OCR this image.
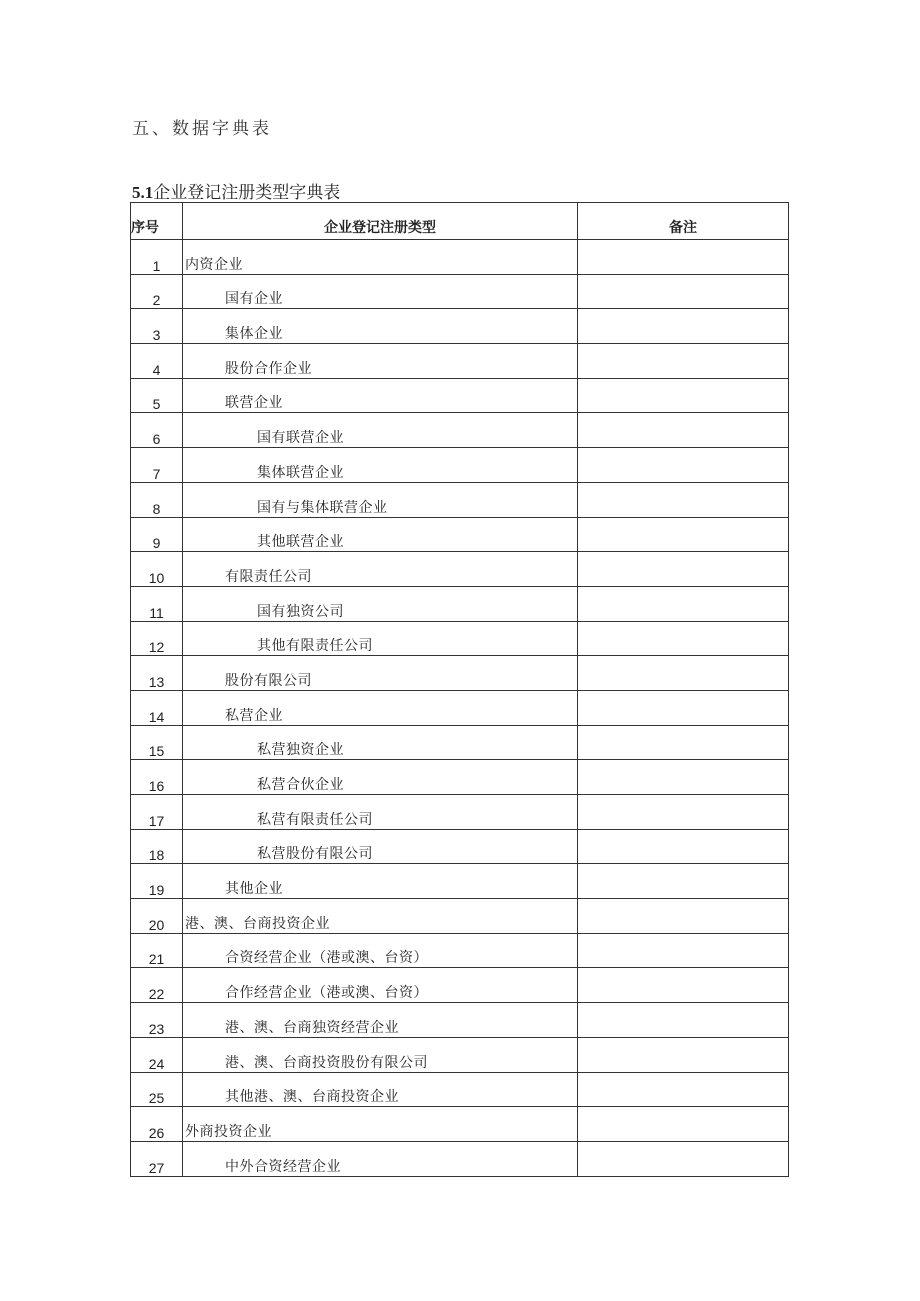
五、数据字典表
5.1企业登记注册类型字典表
序号	企业登记注册类型	备注
1	内资企业	
2	国有企业	
3	集体企业	
4	股份合作企业	
5	联营企业	
6	国有联营企业	
7	集体联营企业	
8	国有与集体联营企业	
9	其他联营企业	
10	有限责任公司	
11	国有独资公司	
12	其他有限责任公司	
13	股份有限公司	
14	私营企业	
15	私营独资企业	
16	私营合伙企业	
17	私营有限责任公司	
18	私营股份有限公司	
19	其他企业	
20	港、澳、台商投资企业	
21	合资经营企业（港或澳、台资）	
22	合作经营企业（港或澳、台资）	
23	港、澳、台商独资经营企业	
24	港、澳、台商投资股份有限公司	
25	其他港、澳、台商投资企业	
26	外商投资企业	
27	中外合资经营企业	
